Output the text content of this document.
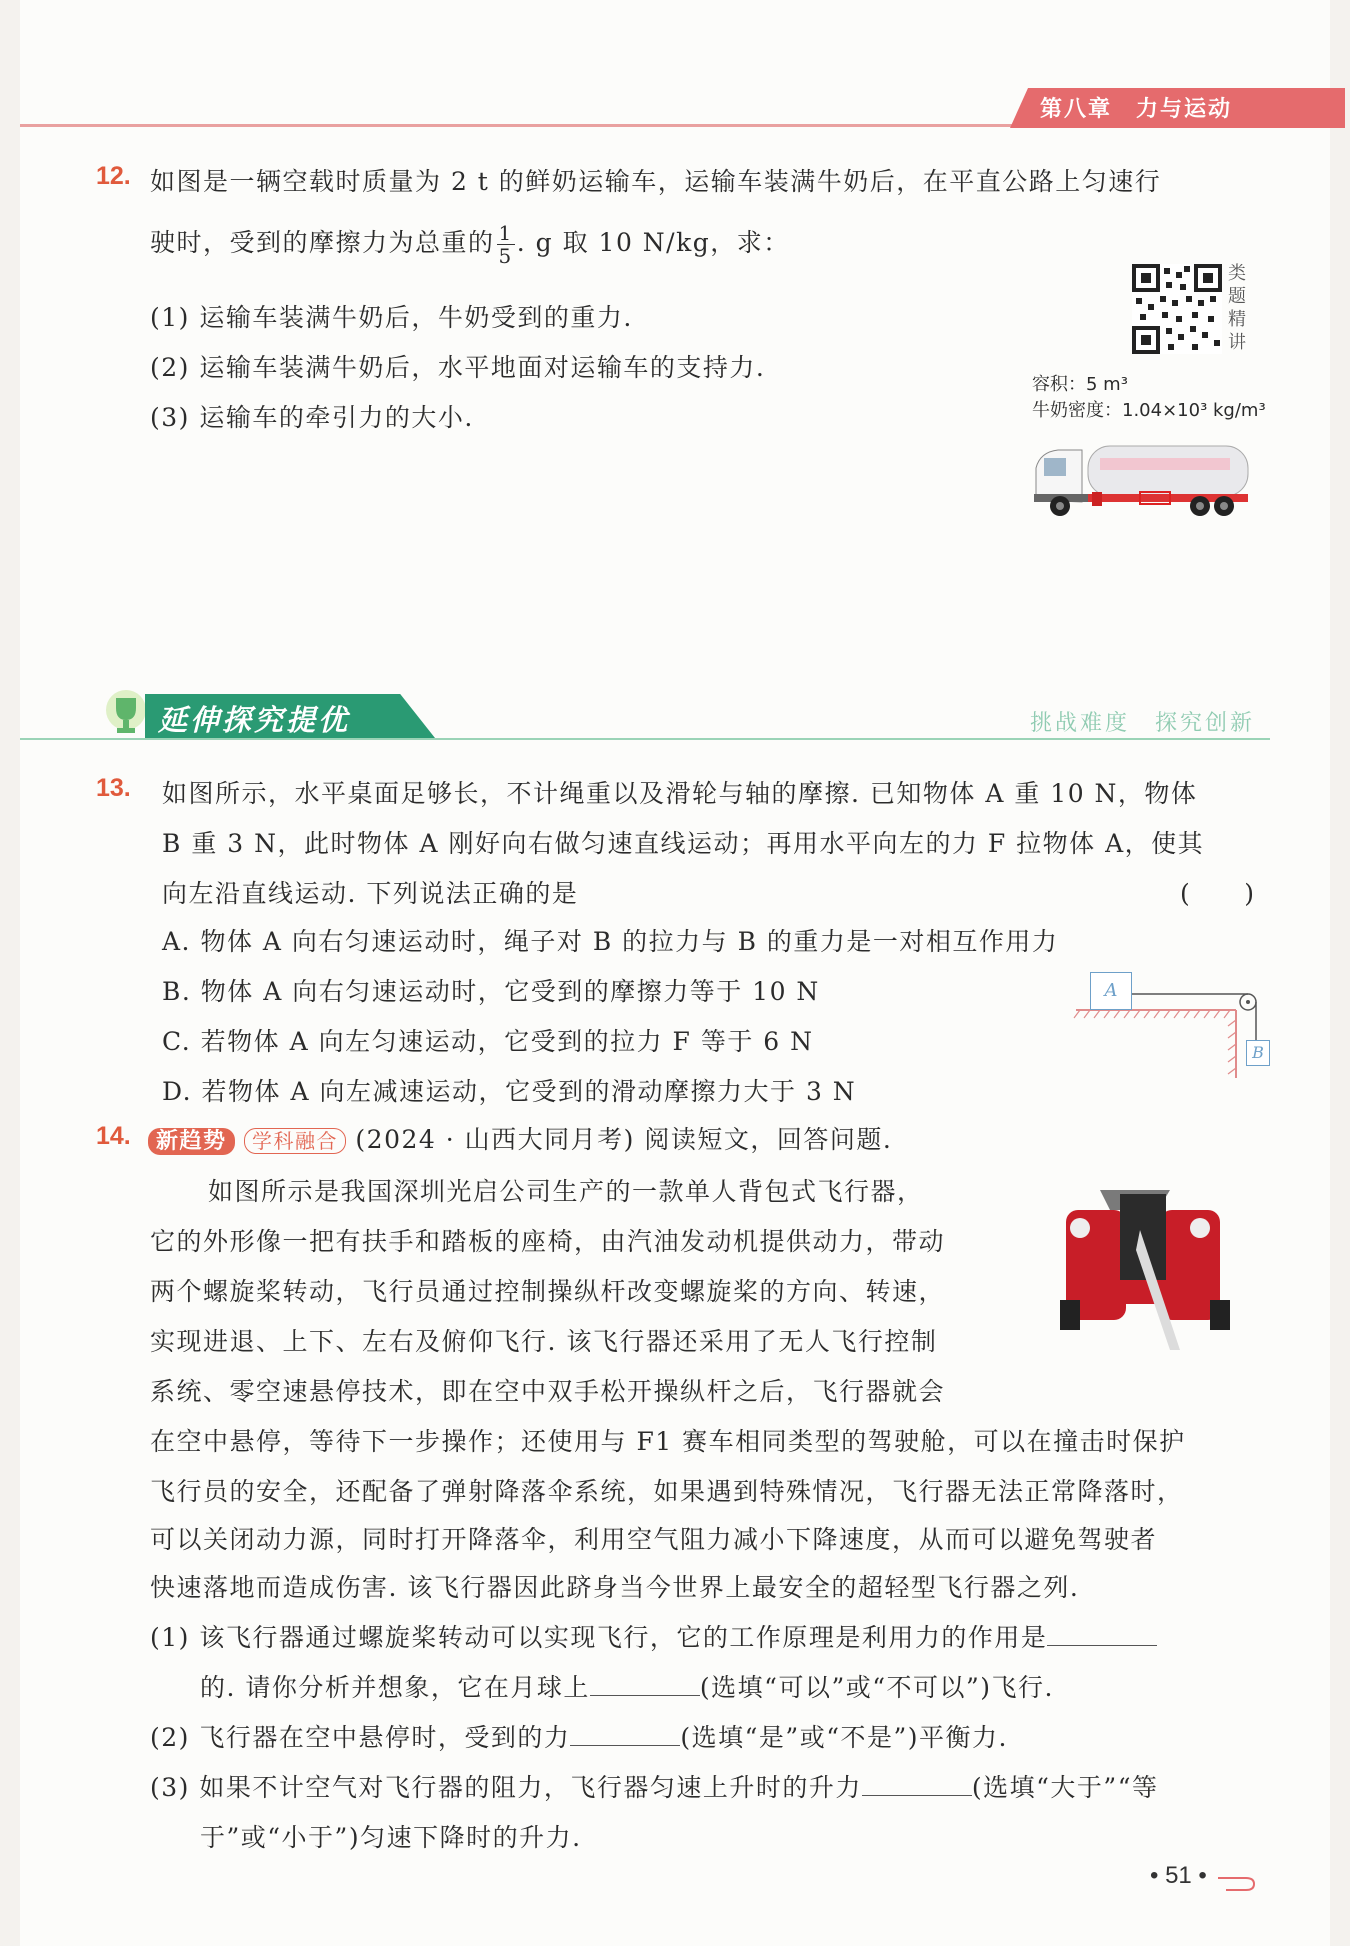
第八章　力与运动
12. 如图是一辆空载时质量为 2 t 的鲜奶运输车，运输车装满牛奶后，在平直公路上匀速行
驶时，受到的摩擦力为总重的 $\frac{1}{5}$ . g 取 10 N/kg，求：
(1) 运输车装满牛奶后，牛奶受到的重力.
(2) 运输车装满牛奶后，水平地面对运输车的支持力.
(3) 运输车的牵引力的大小.
类题精讲
容积：5 m³
牛奶密度：1.04×10³ kg/m³
延伸探究提优	挑战难度　探究创新
13. 如图所示，水平桌面足够长，不计绳重以及滑轮与轴的摩擦. 已知物体 A 重 10 N，物体
B 重 3 N，此时物体 A 刚好向右做匀速直线运动；再用水平向左的力 F 拉物体 A，使其
向左沿直线运动. 下列说法正确的是	(　　)
A. 物体 A 向右匀速运动时，绳子对 B 的拉力与 B 的重力是一对相互作用力
B. 物体 A 向右匀速运动时，它受到的摩擦力等于 10 N
C. 若物体 A 向左匀速运动，它受到的拉力 F 等于 6 N
D. 若物体 A 向左减速运动，它受到的滑动摩擦力大于 3 N
A
B
14.	新趋势 学科融合 (2024 · 山西大同月考) 阅读短文，回答问题.
如图所示是我国深圳光启公司生产的一款单人背包式飞行器，
它的外形像一把有扶手和踏板的座椅，由汽油发动机提供动力，带动
两个螺旋桨转动，飞行员通过控制操纵杆改变螺旋桨的方向、转速，
实现进退、上下、左右及俯仰飞行. 该飞行器还采用了无人飞行控制
系统、零空速悬停技术，即在空中双手松开操纵杆之后，飞行器就会
在空中悬停，等待下一步操作；还使用与 F1 赛车相同类型的驾驶舱，可以在撞击时保护
飞行员的安全，还配备了弹射降落伞系统，如果遇到特殊情况，飞行器无法正常降落时，
可以关闭动力源，同时打开降落伞，利用空气阻力减小下降速度，从而可以避免驾驶者
快速落地而造成伤害. 该飞行器因此跻身当今世界上最安全的超轻型飞行器之列.
(1) 该飞行器通过螺旋桨转动可以实现飞行，它的工作原理是利用力的作用是
的. 请你分析并想象，它在月球上	(选填“可以”或“不可以”)飞行.
(2) 飞行器在空中悬停时，受到的力	(选填“是”或“不是”)平衡力.
(3) 如果不计空气对飞行器的阻力，飞行器匀速上升时的升力	(选填“大于”“等
于”或“小于”)匀速下降时的升力.
• 51 •
